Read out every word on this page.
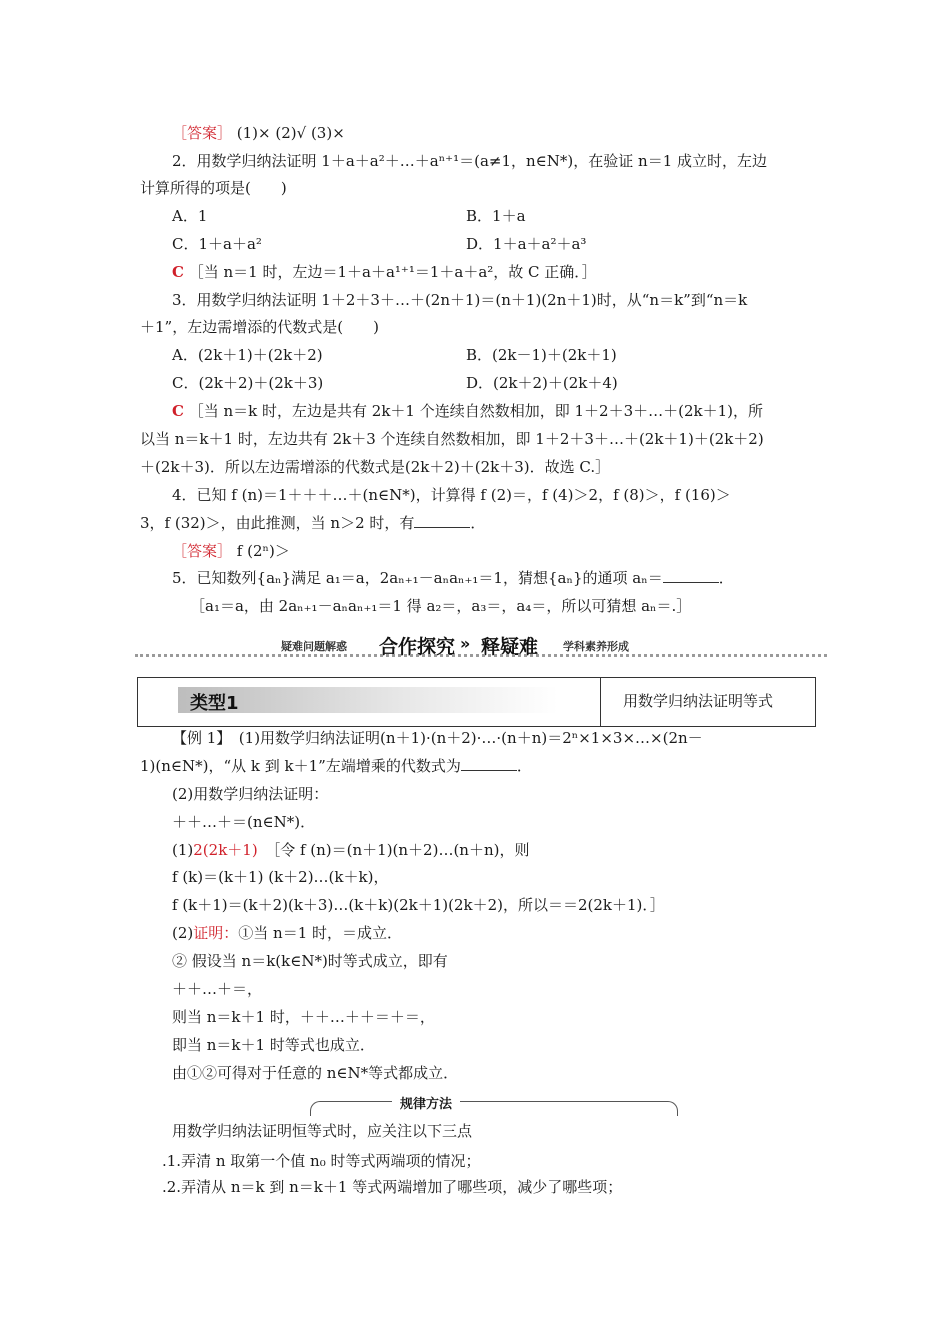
［答案］ (1)× (2)√ (3)×
2．用数学归纳法证明 1＋a＋a²＋…＋aⁿ⁺¹＝(a≠1，n∈N*)，在验证 n＝1 成立时，左边
计算所得的项是(　　)
A．1	B．1＋a
C．1＋a＋a²	D．1＋a＋a²＋a³
C ［当 n＝1 时，左边＝1＋a＋a¹⁺¹＝1＋a＋a²，故 C 正确．］
3．用数学归纳法证明 1＋2＋3＋…＋(2n＋1)＝(n＋1)(2n＋1)时，从“n＝k”到“n＝k
＋1”，左边需增添的代数式是(　　)
A．(2k＋1)＋(2k＋2)	B．(2k－1)＋(2k＋1)
C．(2k＋2)＋(2k＋3)	D．(2k＋2)＋(2k＋4)
C ［当 n＝k 时，左边是共有 2k＋1 个连续自然数相加，即 1＋2＋3＋…＋(2k＋1)，所
以当 n＝k＋1 时，左边共有 2k＋3 个连续自然数相加，即 1＋2＋3＋…＋(2k＋1)＋(2k＋2)
＋(2k＋3)．所以左边需增添的代数式是(2k＋2)＋(2k＋3)．故选 C.］
4．已知 f (n)＝1＋＋＋…＋(n∈N*)，计算得 f (2)＝，f (4)＞2，f (8)＞，f (16)＞
3，f (32)＞，由此推测，当 n＞2 时，有	．
［答案］ f (2ⁿ)＞
5．已知数列{aₙ}满足 a₁＝a，2aₙ₊₁－aₙaₙ₊₁＝1，猜想{aₙ}的通项 aₙ＝	．
［a₁＝a，由 2aₙ₊₁－aₙaₙ₊₁＝1 得 a₂＝，a₃＝，a₄＝，所以可猜想 aₙ＝.］
疑难问题解惑 合作探究 » 释疑难 学科素养形成
类型1	用数学归纳法证明等式
【例 1】　(1)用数学归纳法证明(n＋1)·(n＋2)·…·(n＋n)＝2ⁿ×1×3×…×(2n－
1)(n∈N*)，“从 k 到 k＋1”左端增乘的代数式为	．
(2)用数学归纳法证明：
＋＋…＋＝(n∈N*)．
(1)2(2k＋1)　［令 f (n)＝(n＋1)(n＋2)…(n＋n)，则
f (k)＝(k＋1) (k＋2)…(k＋k)，
f (k＋1)＝(k＋2)(k＋3)…(k＋k)(2k＋1)(2k＋2)，所以＝＝2(2k＋1)．］
(2)证明：①当 n＝1 时，＝成立．
② 假设当 n＝k(k∈N*)时等式成立，即有
＋＋…＋＝，
则当 n＝k＋1 时，＋＋…＋＋＝＋＝，
即当 n＝k＋1 时等式也成立．
由①②可得对于任意的 n∈N*等式都成立．
规律方法
用数学归纳法证明恒等式时，应关注以下三点
.1.弄清 n 取第一个值 n₀ 时等式两端项的情况；
.2.弄清从 n＝k 到 n＝k＋1 等式两端增加了哪些项，减少了哪些项；
